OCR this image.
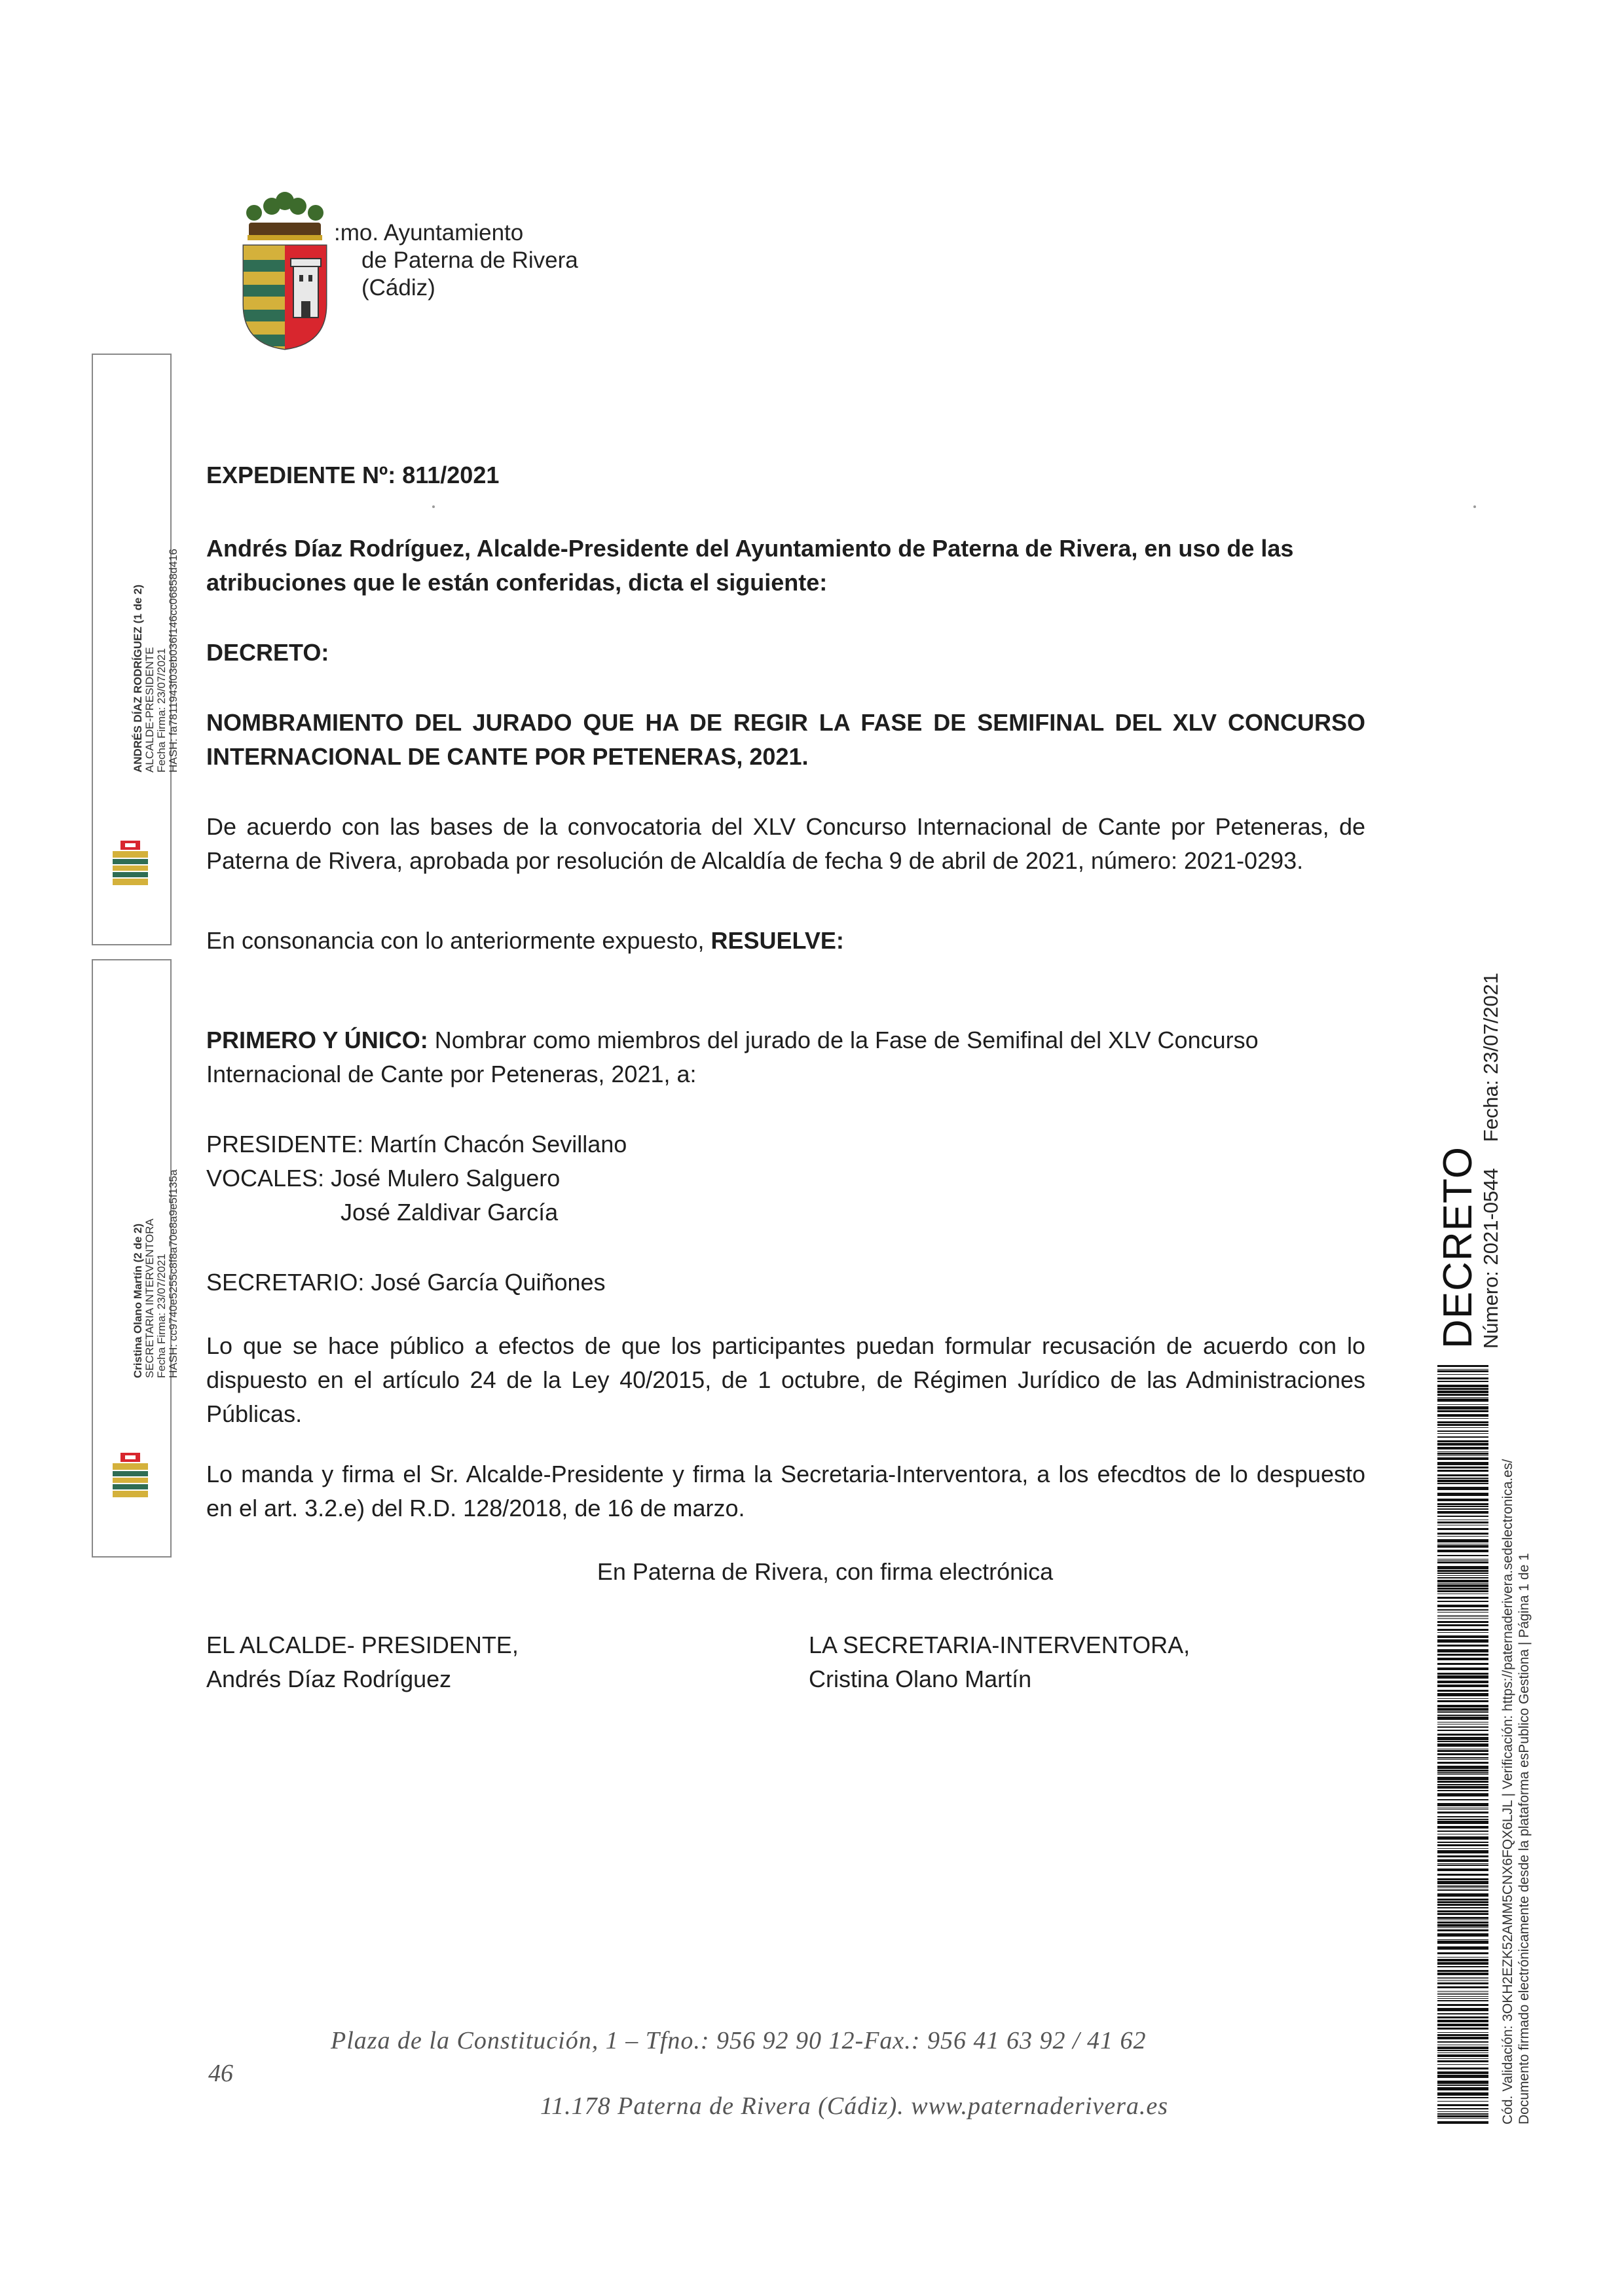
:mo. Ayuntamiento
de Paterna de Rivera
(Cádiz)
ANDRÉS DÍAZ RODRÍGUEZ (1 de 2) ALCALDE-PRESIDENTE Fecha Firma: 23/07/2021 HASH: fa7811943f03eb036f146cc06858d416
Cristina Olano Martín (2 de 2) SECRETARIA INTERVENTORA Fecha Firma: 23/07/2021 HASH: cc9740e5255c8f8a70e8a9e5f135a

EXPEDIENTE Nº: 811/2021

Andrés Díaz Rodríguez, Alcalde-Presidente del Ayuntamiento de Paterna de Rivera, en uso de las atribuciones que le están conferidas, dicta el siguiente:

DECRETO:

NOMBRAMIENTO DEL JURADO QUE HA DE REGIR LA FASE DE SEMIFINAL DEL XLV CONCURSO INTERNACIONAL DE CANTE POR PETENERAS, 2021.

De acuerdo con las bases de la convocatoria del XLV Concurso Internacional de Cante por Peteneras, de Paterna de Rivera, aprobada por resolución de Alcaldía de fecha 9 de abril de 2021, número: 2021-0293.

En consonancia con lo anteriormente expuesto, RESUELVE:

PRIMERO Y ÚNICO: Nombrar como miembros del jurado de la Fase de Semifinal del XLV Concurso Internacional de Cante por Peteneras, 2021, a:

PRESIDENTE: Martín Chacón Sevillano

VOCALES: José Mulero Salguero

José Zaldivar García

SECRETARIO: José García Quiñones

Lo que se hace público a efectos de que los participantes puedan formular recusación de acuerdo con lo dispuesto en el artículo 24 de la Ley 40/2015, de 1 octubre, de Régimen Jurídico de las Administraciones Públicas.

Lo manda y firma el Sr. Alcalde-Presidente y firma la Secretaria-Interventora, a los efecdtos de lo despuesto en el art. 3.2.e) del R.D. 128/2018, de 16 de marzo.

En Paterna de Rivera, con firma electrónica

EL ALCALDE- PRESIDENTE,

Andrés Díaz Rodríguez

LA SECRETARIA-INTERVENTORA,

Cristina Olano Martín

Plaza de la Constitución, 1 – Tfno.: 956 92 90 12-Fax.: 956 41 63 92 / 41 62
46
11.178 Paterna de Rivera (Cádiz). www.paternaderivera.es
DECRETO
Número: 2021-0544Fecha: 23/07/2021
Cód. Validación: 3OKH2EZK52AMM5CNX6FQX6LJL | Verificación: https://paternaderivera.sedelectronica.es/ Documento firmado electrónicamente desde la plataforma esPublico Gestiona | Página 1 de 1
